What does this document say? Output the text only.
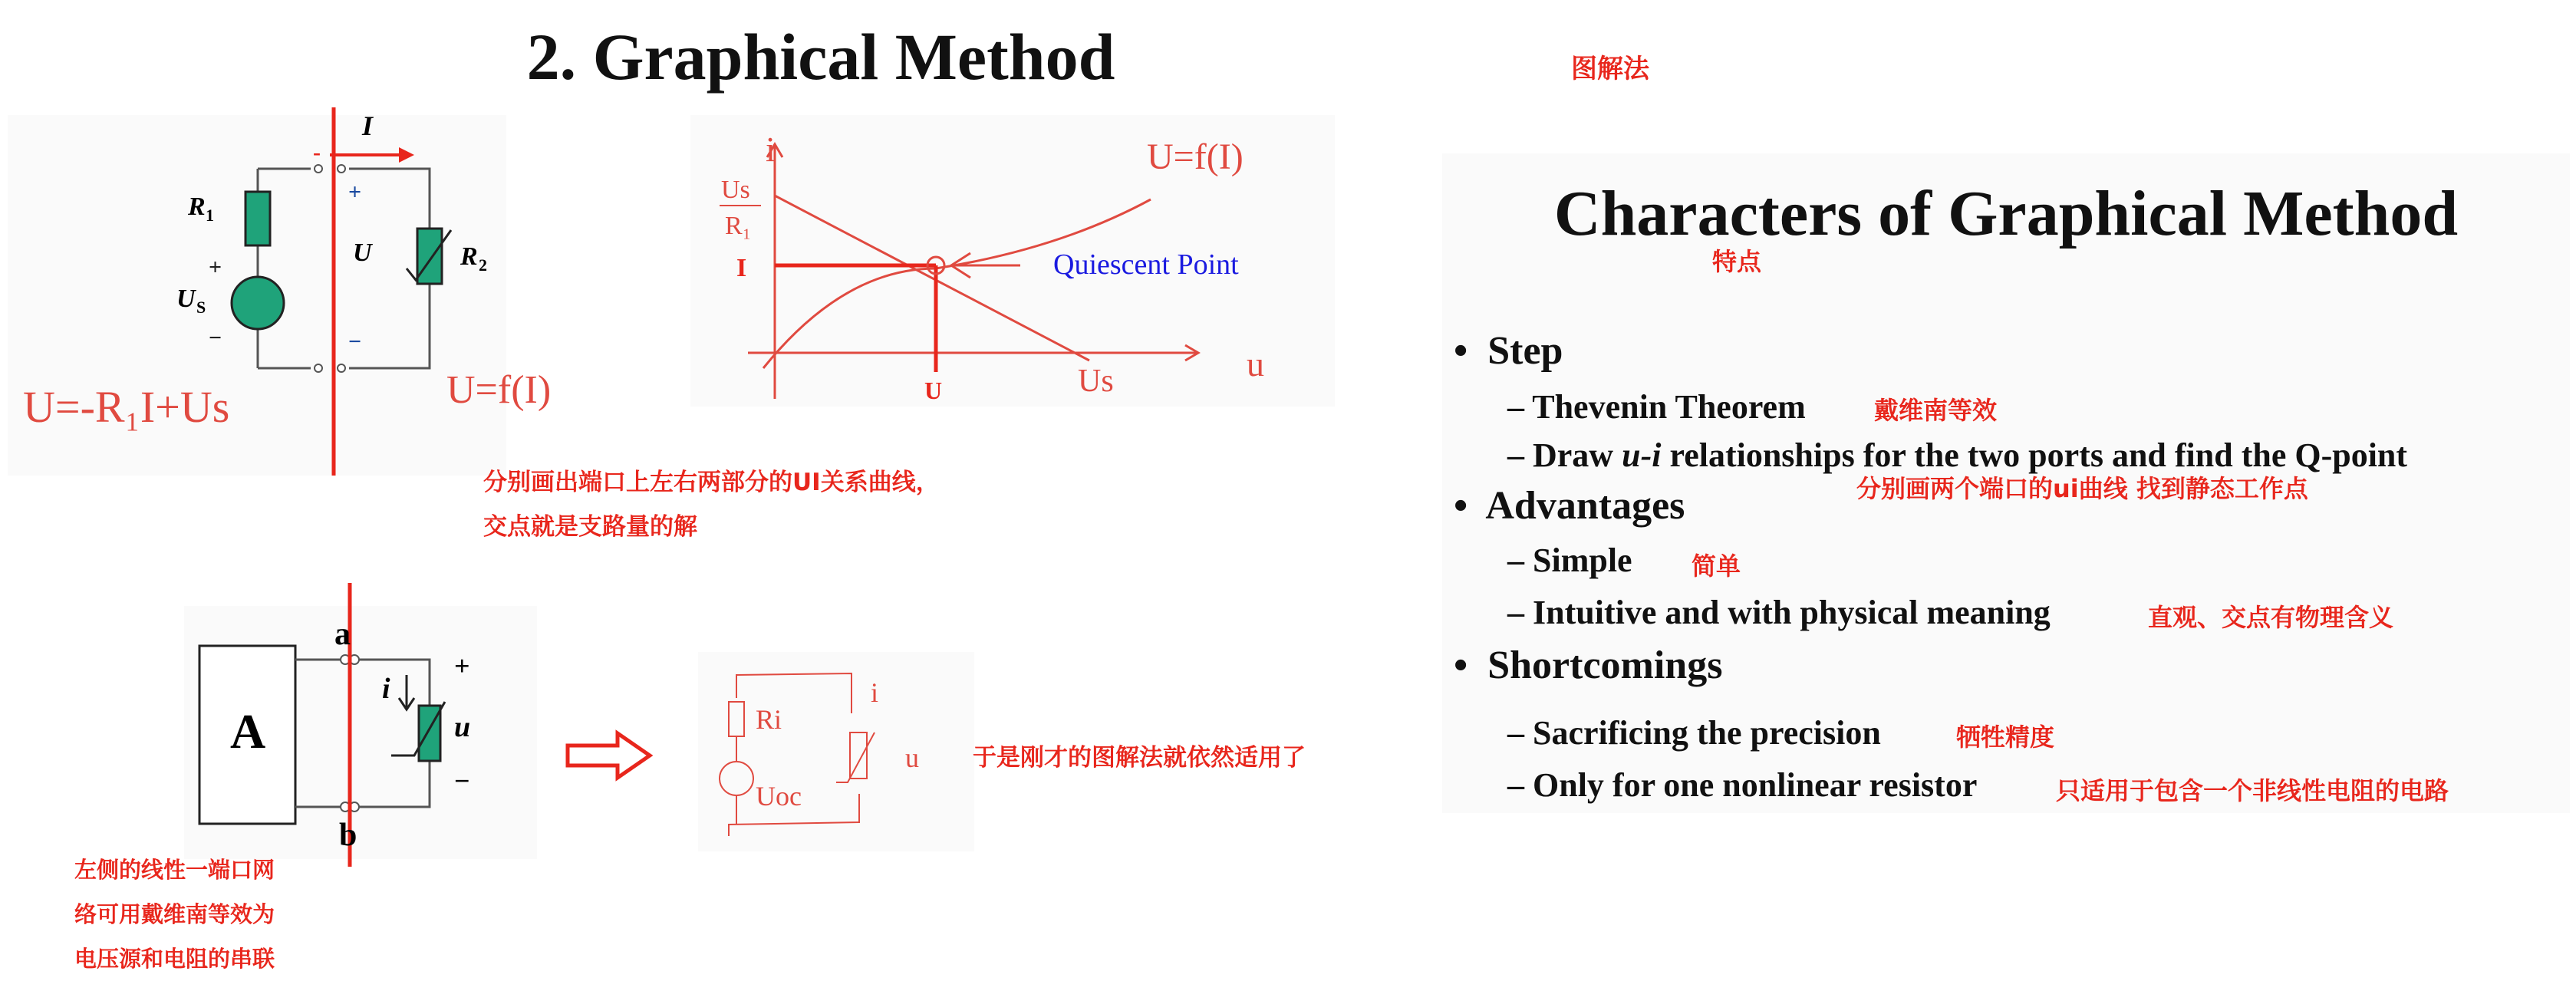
2. Graphical Method	图解法
I
R 1
U S
U	R 2
+
−
+
−
-
U=-R₁I+Us	U=f(I)
i
u
Us
R₁
I
U	Us
U=f(I)
Quiescent Point
分别画出端口上左右两部分的UI关系曲线，
交点就是支路量的解
A
a
b
i
+
u
−
Ri
Uoc
i
u 于是刚才的图解法就依然适用了
左侧的线性一端口网
络可用戴维南等效为
电压源和电阻的串联
Characters of Graphical Method
特点
• Step
– Thevenin Theorem	戴维南等效
– Draw u-i relationships for the two ports and find the Q-point
分别画两个端口的ui曲线 找到静态工作点
• Advantages
– Simple 简单
– Intuitive and with physical meaning	直观、交点有物理含义
• Shortcomings
– Sacrificing the precision	牺牲精度
– Only for one nonlinear resistor	只适用于包含一个非线性电阻的电路
